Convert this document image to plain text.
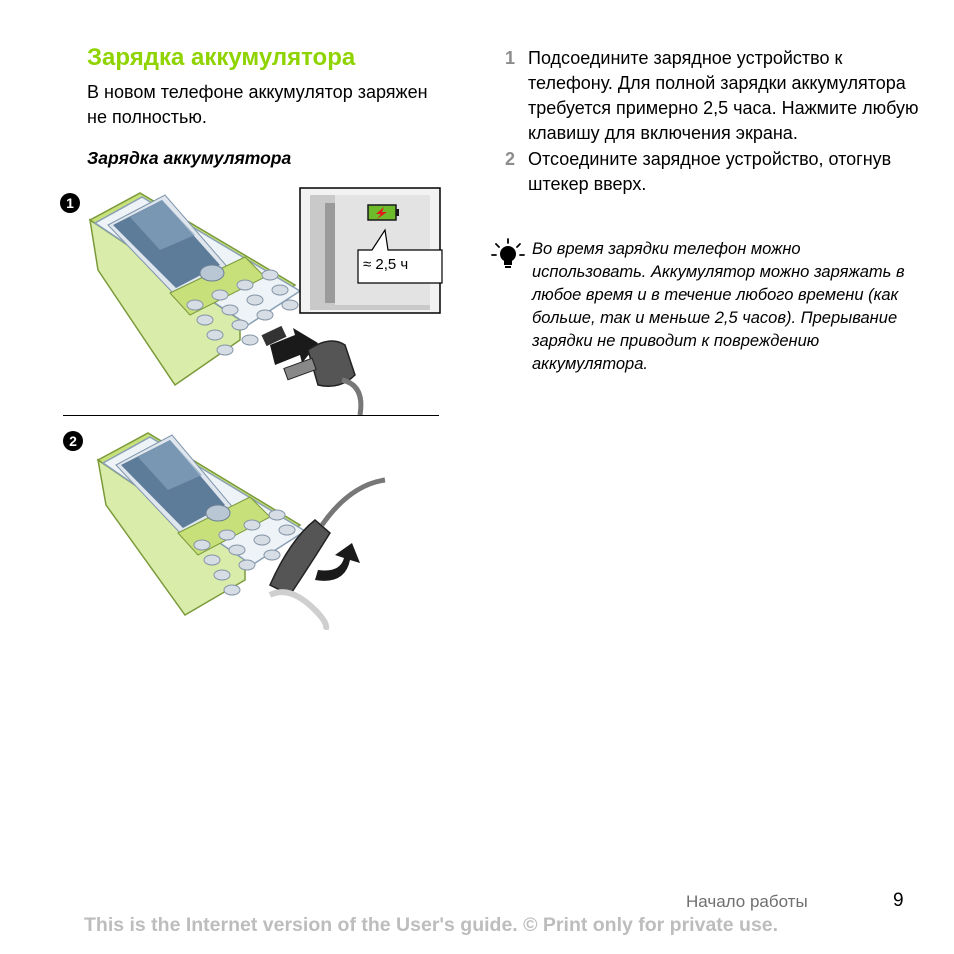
Зарядка аккумулятора
В новом телефоне аккумулятор заряжен не полностью.
Зарядка аккумулятора
1
≈ 2,5 ч
2
1 Подсоедините зарядное устройство к телефону. Для полной зарядки аккумулятора требуется примерно 2,5 часа. Нажмите любую клавишу для включения экрана.
2 Отсоедините зарядное устройство, отогнув штекер вверх.
Во время зарядки телефон можно использовать. Аккумулятор можно заряжать в любое время и в течение любого времени (как больше, так и меньше 2,5 часов). Прерывание зарядки не приводит к повреждению аккумулятора.
Начало работы	9
This is the Internet version of the User's guide. © Print only for private use.
